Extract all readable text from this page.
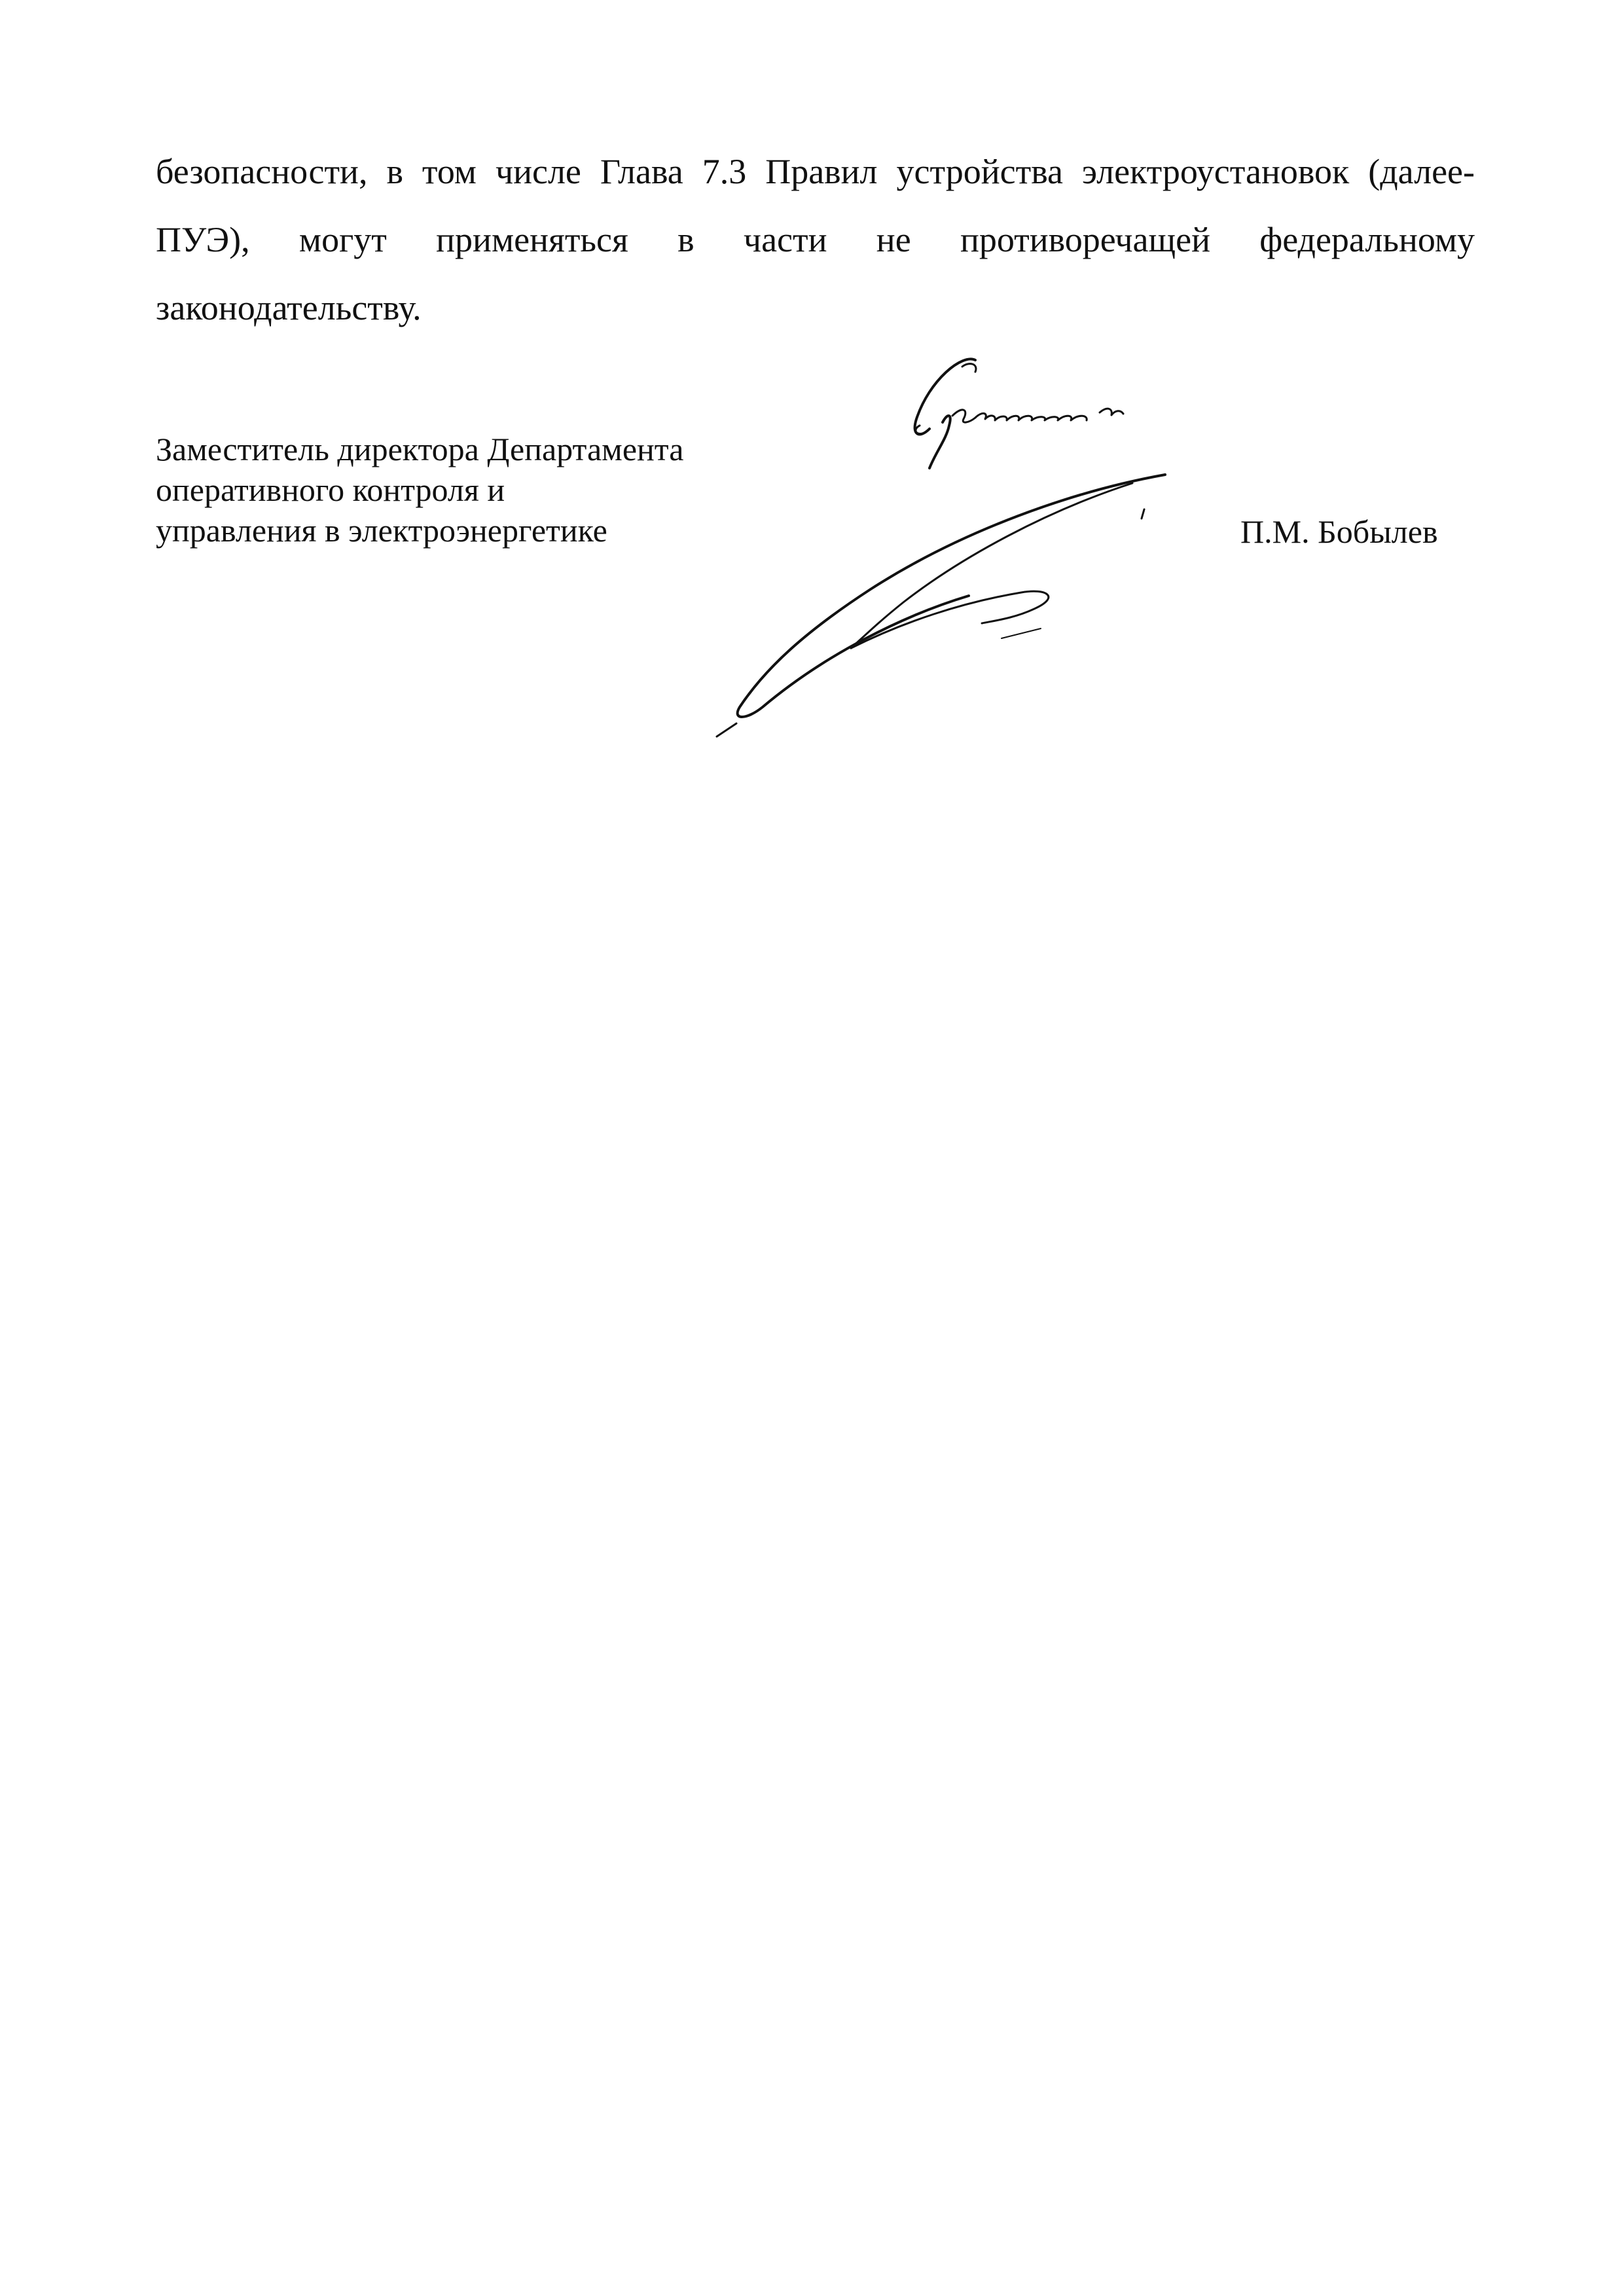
безопасности, в том числе Глава 7.3 Правил устройства электроустановок (далее-
ПУЭ), могут применяться в части не противоречащей федеральному
законодательству.

Заместитель директора Департамента
оперативного контроля и
управления в электроэнергетике	П.М. Бобылев
